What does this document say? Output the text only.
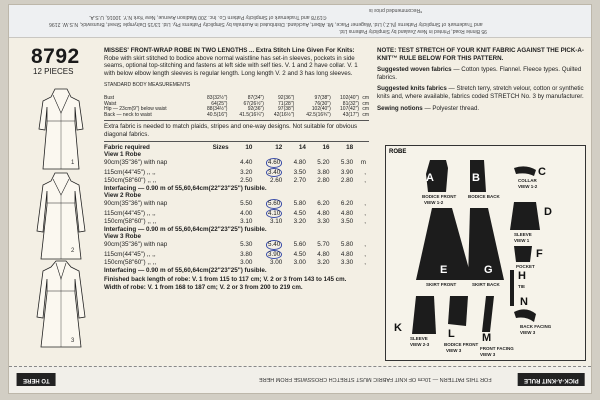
*Recommended price is
©1978 and Trademark of Simplicity Pattern Co. Inc. 200 Madison Avenue, New York N.Y. 10016, U.S.A.
and Trademark of Simplicity Patterns (N.Z.) Ltd. Wagener Place, Mt. Albert, Auckland. Distributed in Australia by Simplicity Patterns Pty. Ltd. 13/15 Dalrymple Street, Brunswick, N.S.W. 2196
95 Binnie Road, Printed in New Zealand by Simplicity Patterns Ltd.
8792
12 PIECES
1
2
3

MISSES' FRONT-WRAP ROBE IN TWO LENGTHS ... Extra Stitch Line Given For Knits:

Robe with skirt stitched to bodice above normal waistline has set-in sleeves, pockets in side seams, optional top-stitching and fastens at left side with self ties. V. 1 and 2 have collar. V. 1 with below elbow length sleeves is regular length. Long length V. 2 and 3 has long sleeves.

STANDARD BODY MEASUREMENTS
Bust	83(32½")	87(34")	92(36")	97(38")	102(40")	cm
Waist	64(25")	67(26½")	71(28")	76(30")	81(32")	cm
Hip — 23cm(9") below waist	88(34½")	92(36")	97(38")	102(40")	107(42")	cm
Back — neck to waist	40.5(16")	41.5(16¼")	42(16½")	42.5(16¾")	43(17")	cm

Extra fabric is needed to match plaids, stripes and one-way designs. Not suitable for obvious diagonal fabrics.

Fabric required	Sizes	10	12	14	16	18	
View 1 Robe							
90cm(35"36") with nap		4.40	4.60	4.80	5.20	5.30	m
115cm(44"45") ,, ,,		3.20	3.40	3.50	3.80	3.90	,
150cm(58"60") ,, ,,		2.50	2.60	2.70	2.80	2.80	,
Interfacing — 0.90 m of 55,60,64cm(22"23"25") fusible.							
View 2 Robe							
90cm(35"36") with nap		5.50	5.60	5.80	6.20	6.20	,
115cm(44"45") ,, ,,		4.00	4.10	4.50	4.80	4.80	,
150cm(58"60") ,, ,,		3.10	3.10	3.20	3.30	3.50	,
Interfacing — 0.90 m of 55,60,64cm(22"23"25") fusible.							
View 3 Robe							
90cm(35"36") with nap		5.30	5.40	5.60	5.70	5.80	,
115cm(44"45") ,, ,,		3.80	3.90	4.50	4.80	4.80	,
150cm(58"60") ,, ,,		3.00	3.00	3.00	3.20	3.30	,
Interfacing — 0.90 m of 55,60,64cm(22"23"25") fusible.							

Finished back length of robe: V. 1 from 115 to 117 cm; V. 2 or 3 from 143 to 145 cm.

Width of robe: V. 1 from 168 to 187 cm; V. 2 or 3 from 200 to 219 cm.

NOTE: TEST STRETCH OF YOUR KNIT FABRIC AGAINST THE PICK-A-KNIT™ RULE BELOW FOR THIS PATTERN.

Suggested woven fabrics — Cotton types. Flannel. Fleece types. Quilted fabrics.

Suggested knits fabrics — Stretch terry, stretch velour, cotton or synthetic knits and, where available, fabrics coded STRETCH No. 3 by manufacturer.

Sewing notions — Polyester thread.

ROBE
A
BODICE FRONT
VIEW 1-2
B
BODICE BACK
C
COLLAR
VIEW 1-2
D
SLEEVE
VIEW 1
E
SKIRT FRONT
F
POCKET
G
SKIRT BACK
H
TIE
K
SLEEVE
VIEW 2-3
L
BODICE FRONT
VIEW 3
M
FRONT FACING
VIEW 3
N
BACK FACING
VIEW 3
TO HERE	FOR THIS PATTERN — 10cm OF KNIT FABRIC MUST STRETCH CROSSWISE FROM HERE	PICK-A-KNIT RULE
